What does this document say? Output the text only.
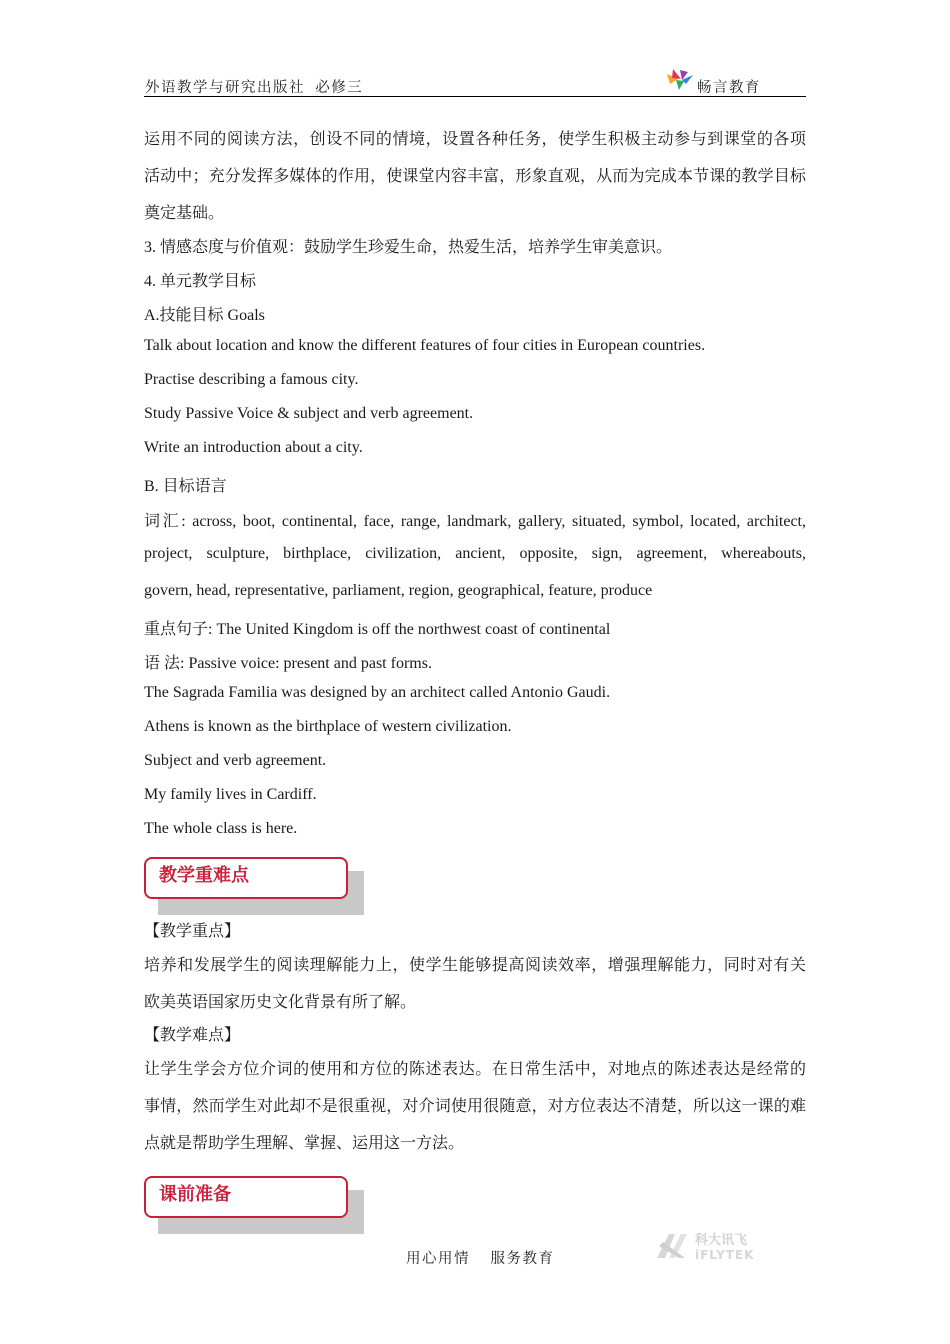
外语教学与研究出版社 必修三	畅言教育
运用不同的阅读方法，创设不同的情境，设置各种任务，使学生积极主动参与到课堂的各项
活动中；充分发挥多媒体的作用，使课堂内容丰富，形象直观，从而为完成本节课的教学目标
奠定基础。
3. 情感态度与价值观：鼓励学生珍爱生命，热爱生活，培养学生审美意识。
4. 单元教学目标
A.技能目标 Goals
Talk about location and know the different features of four cities in European countries.
Practise describing a famous city.
Study Passive Voice & subject and verb agreement.
Write an introduction about a city.
B. 目标语言
词汇: across, boot, continental, face, range, landmark, gallery, situated, symbol, located, architect,
project, sculpture, birthplace, civilization, ancient, opposite, sign, agreement, whereabouts,
govern, head, representative, parliament, region, geographical, feature, produce
重点句子: The United Kingdom is off the northwest coast of continental
语 法: Passive voice: present and past forms.
The Sagrada Familia was designed by an architect called Antonio Gaudi.
Athens is known as the birthplace of western civilization.
Subject and verb agreement.
My family lives in Cardiff.
The whole class is here.
教学重难点
【教学重点】
培养和发展学生的阅读理解能力上，使学生能够提高阅读效率，增强理解能力，同时对有关
欧美英语国家历史文化背景有所了解。
【教学难点】
让学生学会方位介词的使用和方位的陈述表达。在日常生活中，对地点的陈述表达是经常的
事情，然而学生对此却不是很重视，对介词使用很随意，对方位表达不清楚，所以这一课的难
点就是帮助学生理解、掌握、运用这一方法。
课前准备
用心用情  服务教育
科大讯飞
iFLYTEK
